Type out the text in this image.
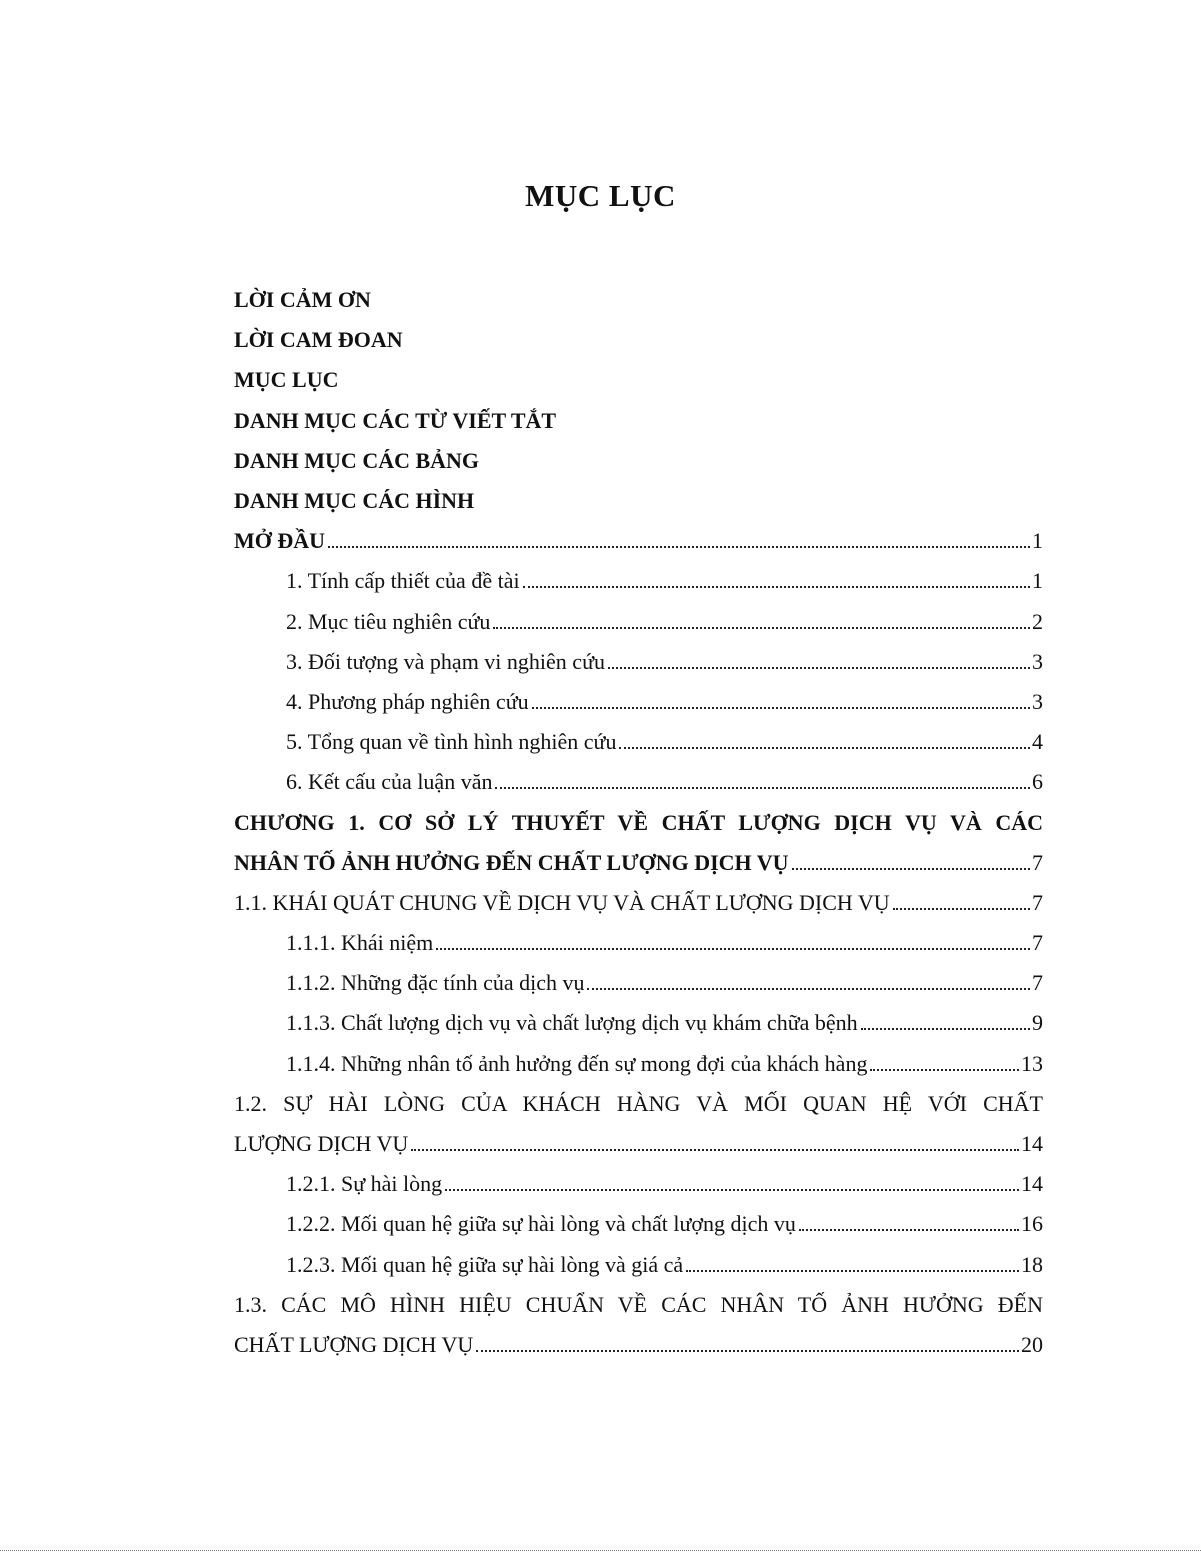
MỤC LỤC
LỜI CẢM ƠN
LỜI CAM ĐOAN
MỤC LỤC
DANH MỤC CÁC TỪ VIẾT TẮT
DANH MỤC CÁC BẢNG
DANH MỤC CÁC HÌNH
MỞ ĐẦU	1
1. Tính cấp thiết của đề tài	1
2. Mục tiêu nghiên cứu	2
3. Đối tượng và phạm vi nghiên cứu	3
4. Phương pháp nghiên cứu	3
5. Tổng quan về tình hình nghiên cứu	4
6. Kết cấu của luận văn	6
CHƯƠNG 1. CƠ SỞ LÝ THUYẾT VỀ CHẤT LƯỢNG DỊCH VỤ VÀ CÁC
NHÂN TỐ ẢNH HƯỞNG ĐẾN CHẤT LƯỢNG DỊCH VỤ	7
1.1. KHÁI QUÁT CHUNG VỀ DỊCH VỤ VÀ CHẤT LƯỢNG DỊCH VỤ	7
1.1.1. Khái niệm	7
1.1.2. Những đặc tính của dịch vụ	7
1.1.3. Chất lượng dịch vụ và chất lượng dịch vụ khám chữa bệnh	9
1.1.4. Những nhân tố ảnh hưởng đến sự mong đợi của khách hàng	13
1.2. SỰ HÀI LÒNG CỦA KHÁCH HÀNG VÀ MỐI QUAN HỆ VỚI CHẤT
LƯỢNG DỊCH VỤ	14
1.2.1. Sự hài lòng	14
1.2.2. Mối quan hệ giữa sự hài lòng và chất lượng dịch vụ	16
1.2.3. Mối quan hệ giữa sự hài lòng và giá cả	18
1.3. CÁC MÔ HÌNH HIỆU CHUẨN VỀ CÁC NHÂN TỐ ẢNH HƯỞNG ĐẾN
CHẤT LƯỢNG DỊCH VỤ	20
